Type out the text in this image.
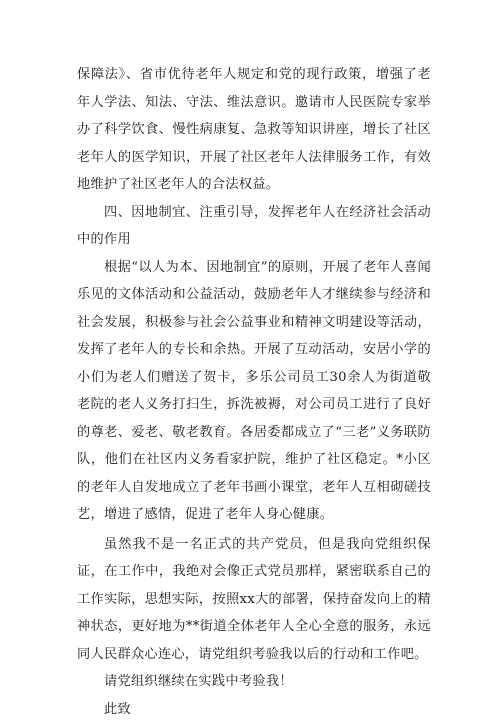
保障法》、省市优待老年人规定和党的现行政策，增强了老年人学法、知法、守法、维法意识。邀请市人民医院专家举办了科学饮食、慢性病康复、急救等知识讲座，增长了社区老年人的医学知识，开展了社区老年人法律服务工作，有效地维护了社区老年人的合法权益。

四、因地制宜、注重引导，发挥老年人在经济社会活动中的作用

根据“以人为本、因地制宜”的原则，开展了老年人喜闻乐见的文体活动和公益活动，鼓励老年人才继续参与经济和社会发展，积极参与社会公益事业和精神文明建设等活动，发挥了老年人的专长和余热。开展了互动活动，安居小学的小们为老人们赠送了贺卡，多乐公司员工30余人为街道敬老院的老人义务打扫生，拆洗被褥，对公司员工进行了良好的尊老、爱老、敬老教育。各居委都成立了“三老”义务联防队，他们在社区内义务看家护院，维护了社区稳定。*小区的老年人自发地成立了老年书画小课堂，老年人互相砌磋技艺，增进了感情，促进了老年人身心健康。

虽然我不是一名正式的共产党员，但是我向党组织保证，在工作中，我绝对会像正式党员那样，紧密联系自己的工作实际，思想实际，按照xx大的部署，保持奋发向上的精神状态，更好地为**街道全体老年人全心全意的服务，永远同人民群众心连心，请党组织考验我以后的行动和工作吧。

请党组织继续在实践中考验我！

此致
